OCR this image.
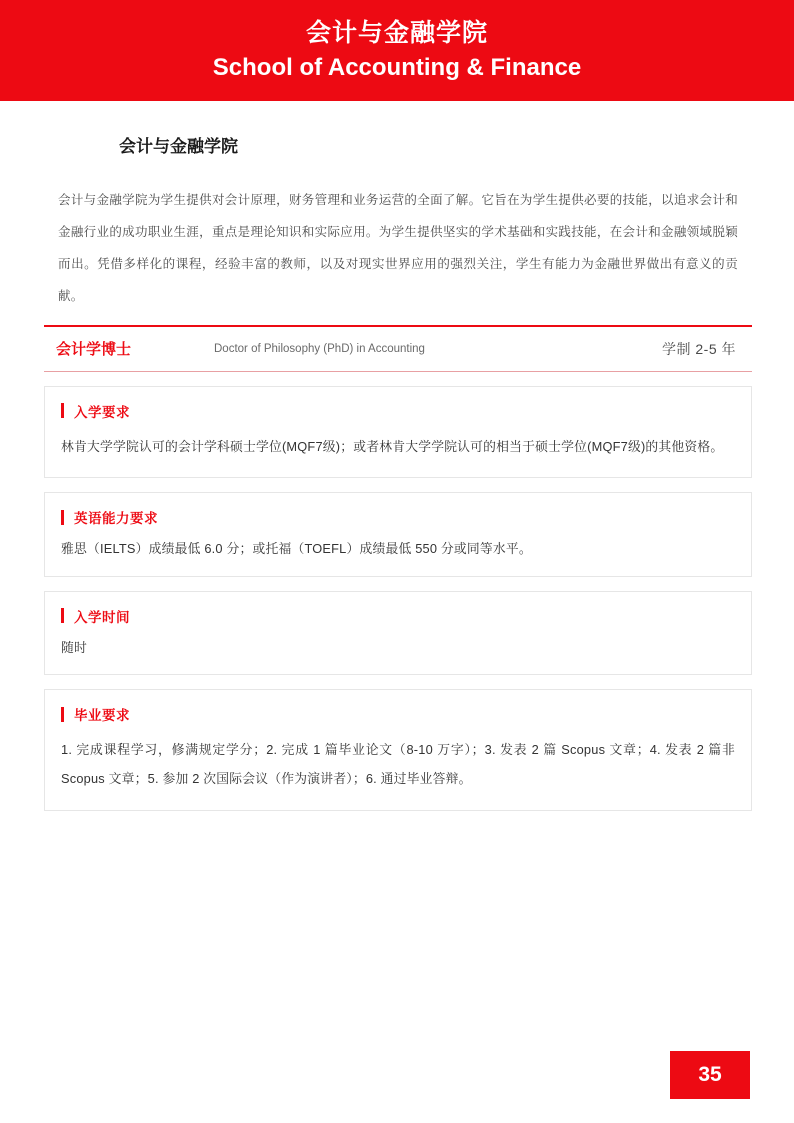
会计与金融学院
School of Accounting & Finance
会计与金融学院

会计与金融学院为学生提供对会计原理，财务管理和业务运营的全面了解。它旨在为学生提供必要的技能，以追求会计和金融行业的成功职业生涯，重点是理论知识和实际应用。为学生提供坚实的学术基础和实践技能，在会计和金融领域脱颖而出。凭借多样化的课程，经验丰富的教师，以及对现实世界应用的强烈关注，学生有能力为金融世界做出有意义的贡献。

会计学博士	Doctor of Philosophy (PhD) in Accounting	学制 2-5 年
入学要求
林肯大学学院认可的会计学科硕士学位(MQF7级)；或者林肯大学学院认可的相当于硕士学位(MQF7级)的其他资格。
英语能力要求
雅思（IELTS）成绩最低 6.0 分；或托福（TOEFL）成绩最低 550 分或同等水平。
入学时间
随时
毕业要求
1. 完成课程学习，修满规定学分；2. 完成 1 篇毕业论文（8-10 万字）；3. 发表 2 篇 Scopus 文章；4. 发表 2 篇非 Scopus 文章；5. 参加 2 次国际会议（作为演讲者）；6. 通过毕业答辩。
35
